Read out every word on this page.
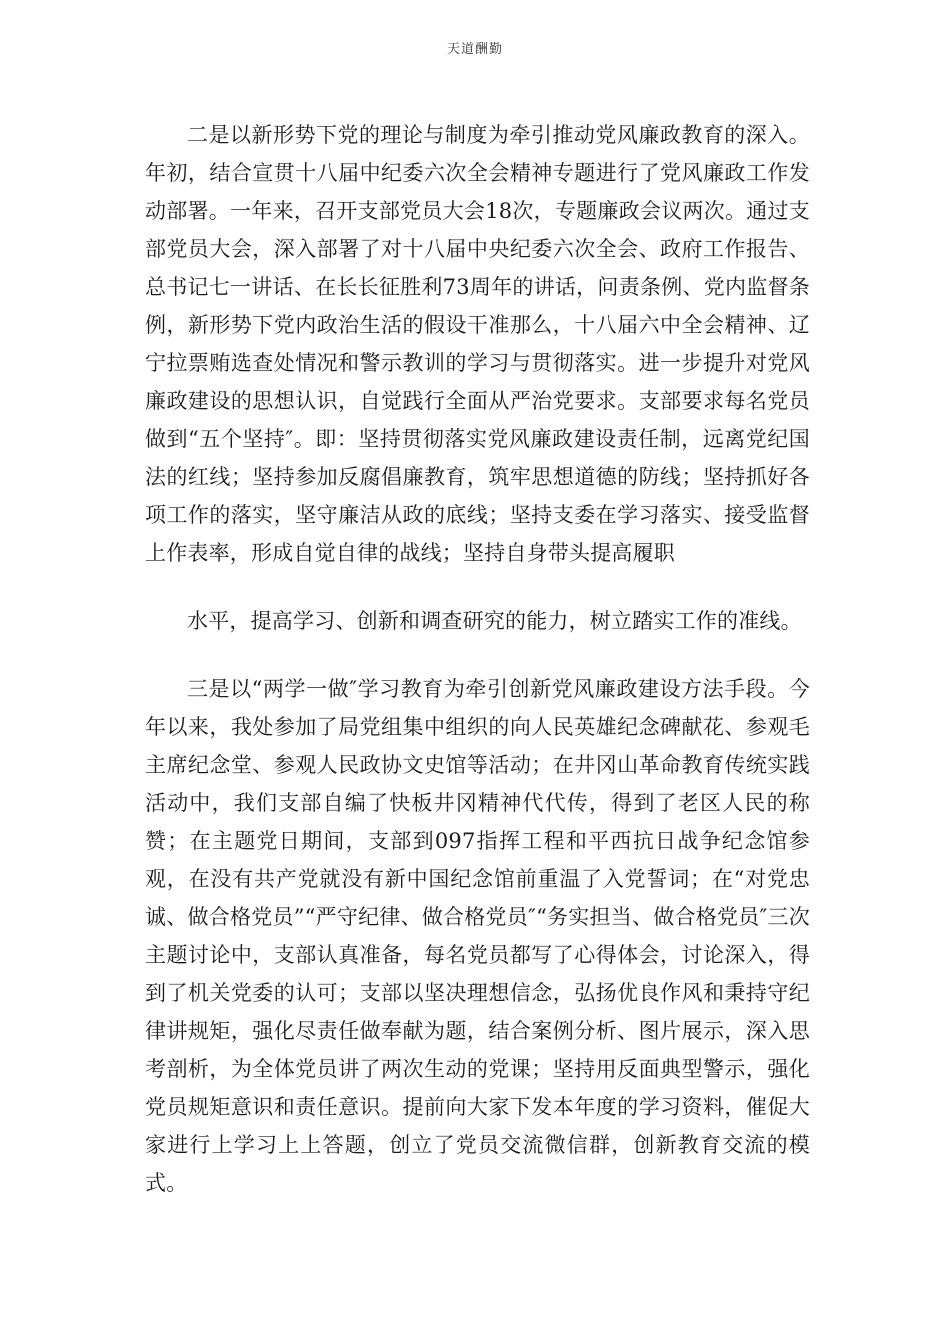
天道酬勤

二是以新形势下党的理论与制度为牵引推动党风廉政教育的深入。年初，结合宣贯十八届中纪委六次全会精神专题进行了党风廉政工作发动部署。一年来，召开支部党员大会18次，专题廉政会议两次。通过支部党员大会，深入部署了对十八届中央纪委六次全会、政府工作报告、总书记七一讲话、在长长征胜利73周年的讲话，问责条例、党内监督条例，新形势下党内政治生活的假设干准那么，十八届六中全会精神、辽宁拉票贿选查处情况和警示教训的学习与贯彻落实。进一步提升对党风廉政建设的思想认识，自觉践行全面从严治党要求。支部要求每名党员做到“五个坚持″。即：坚持贯彻落实党风廉政建设责任制，远离党纪国法的红线；坚持参加反腐倡廉教育，筑牢思想道德的防线；坚持抓好各项工作的落实，坚守廉洁从政的底线；坚持支委在学习落实、接受监督上作表率，形成自觉自律的战线；坚持自身带头提高履职

水平，提高学习、创新和调查研究的能力，树立踏实工作的准线。

三是以“两学一做″学习教育为牵引创新党风廉政建设方法手段。今年以来，我处参加了局党组集中组织的向人民英雄纪念碑献花、参观毛主席纪念堂、参观人民政协文史馆等活动；在井冈山革命教育传统实践活动中，我们支部自编了快板井冈精神代代传，得到了老区人民的称赞；在主题党日期间，支部到097指挥工程和平西抗日战争纪念馆参观，在没有共产党就没有新中国纪念馆前重温了入党誓词；在“对党忠诚、做合格党员”“严守纪律、做合格党员″“务实担当、做合格党员″三次主题讨论中，支部认真准备，每名党员都写了心得体会，讨论深入，得到了机关党委的认可；支部以坚决理想信念，弘扬优良作风和秉持守纪律讲规矩，强化尽责任做奉献为题，结合案例分析、图片展示，深入思考剖析，为全体党员讲了两次生动的党课；坚持用反面典型警示，强化党员规矩意识和责任意识。提前向大家下发本年度的学习资料，催促大家进行上学习上上答题，创立了党员交流微信群，创新教育交流的模式。
